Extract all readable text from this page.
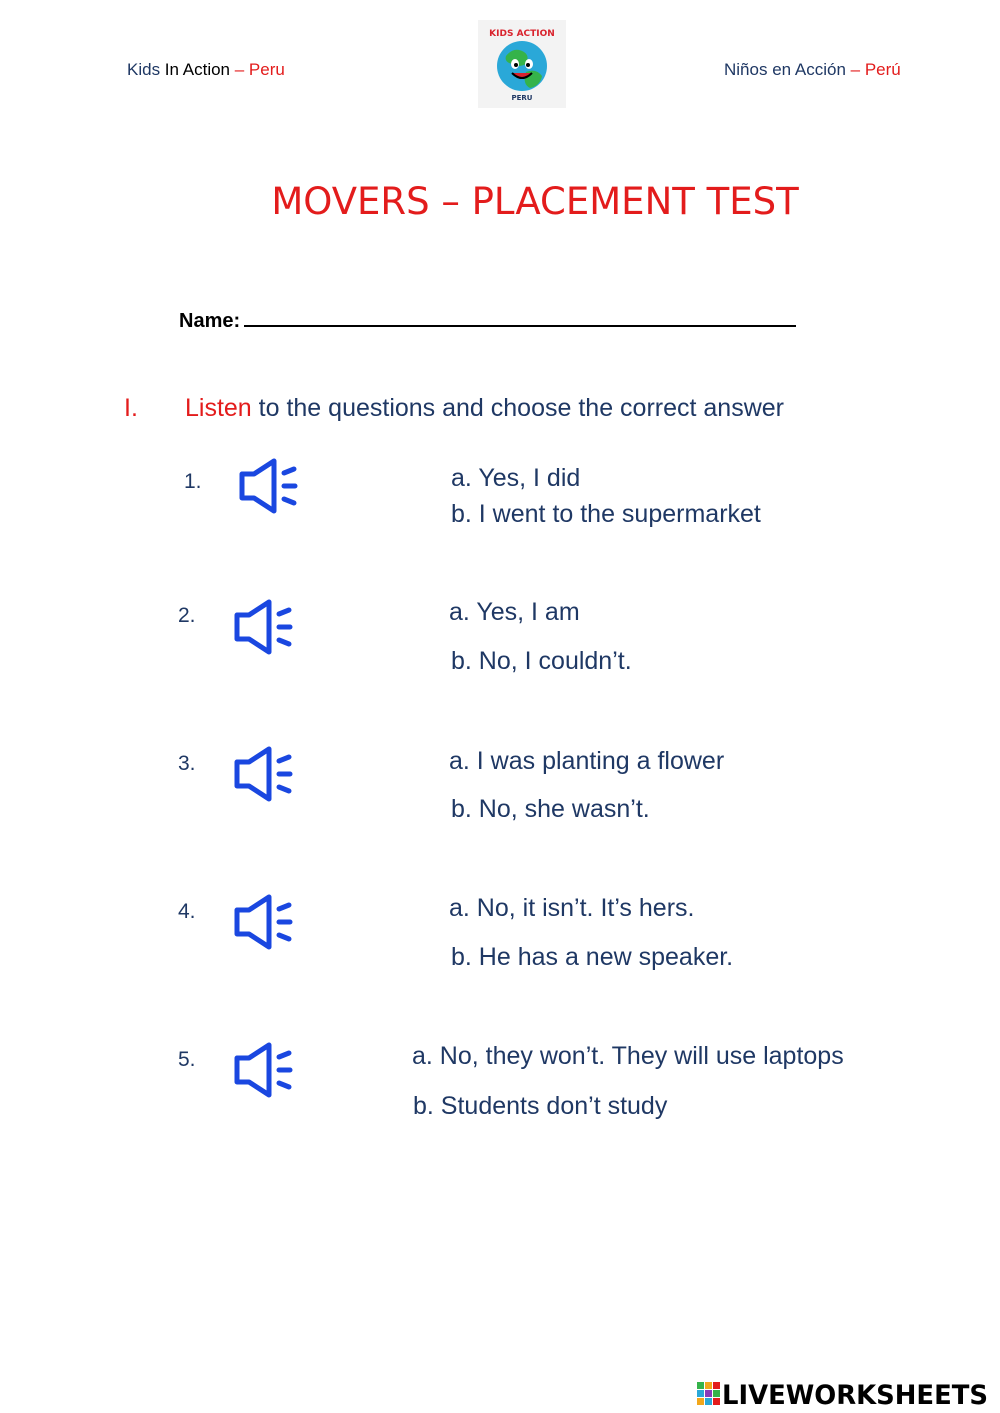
Kids In Action – Peru
KIDS ACTION
PERU
Niños en Acción – Perú
MOVERS – PLACEMENT TEST
Name:
I. Listen to the questions and choose the correct answer
1.	a. Yes, I did
b. I went to the supermarket
2.	a. Yes, I am
b. No, I couldn’t.
3.	a. I was planting a flower
b. No, she wasn’t.
4.	a. No, it isn’t. It’s hers.
b. He has a new speaker.
5.	a. No, they won’t. They will use laptops
b. Students don’t study
LIVEWORKSHEETS
